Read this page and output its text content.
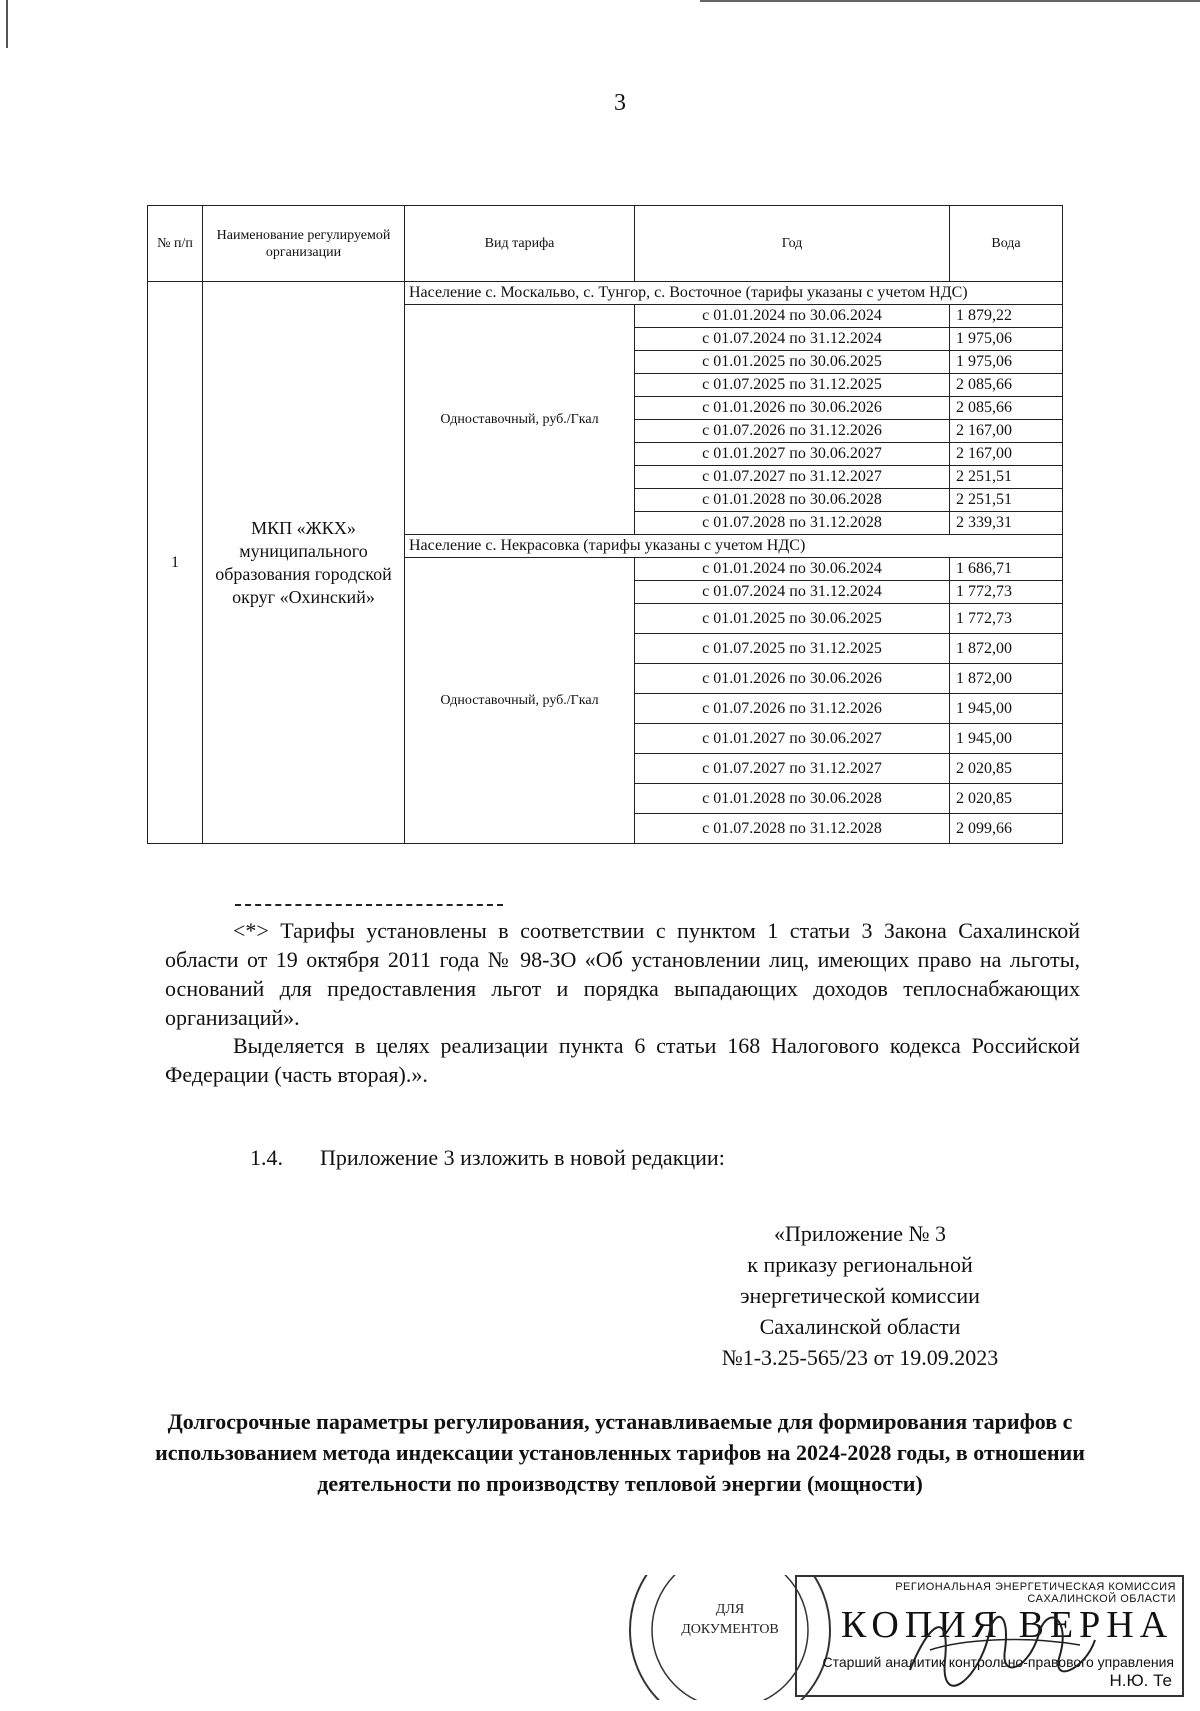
3
№ п/п	Наименование регулируемой организации	Вид тарифа	Год	Вода
1	МКП «ЖКХ» муниципального образования городской округ «Охинский»	Население с. Москальво, с. Тунгор, с. Восточное (тарифы указаны с учетом НДС)		
		Одноставочный, руб./Гкал	с 01.01.2024 по 30.06.2024	1 879,22
			с 01.07.2024 по 31.12.2024	1 975,06
			с 01.01.2025 по 30.06.2025	1 975,06
			с 01.07.2025 по 31.12.2025	2 085,66
			с 01.01.2026 по 30.06.2026	2 085,66
			с 01.07.2026 по 31.12.2026	2 167,00
			с 01.01.2027 по 30.06.2027	2 167,00
			с 01.07.2027 по 31.12.2027	2 251,51
			с 01.01.2028 по 30.06.2028	2 251,51
			с 01.07.2028 по 31.12.2028	2 339,31
		Население с. Некрасовка (тарифы указаны с учетом НДС)		
		Одноставочный, руб./Гкал	с 01.01.2024 по 30.06.2024	1 686,71
			с 01.07.2024 по 31.12.2024	1 772,73
			с 01.01.2025 по 30.06.2025	1 772,73
			с 01.07.2025 по 31.12.2025	1 872,00
			с 01.01.2026 по 30.06.2026	1 872,00
			с 01.07.2026 по 31.12.2026	1 945,00
			с 01.01.2027 по 30.06.2027	1 945,00
			с 01.07.2027 по 31.12.2027	2 020,85
			с 01.01.2028 по 30.06.2028	2 020,85
			с 01.07.2028 по 31.12.2028	2 099,66
<*> Тарифы установлены в соответствии с пунктом 1 статьи 3 Закона Сахалинской области от 19 октября 2011 года № 98-ЗО «Об установлении лиц, имеющих право на льготы, оснований для предоставления льгот и порядка выпадающих доходов теплоснабжающих организаций».
Выделяется в целях реализации пункта 6 статьи 168 Налогового кодекса Российской Федерации (часть вторая).».
1.4. Приложение 3 изложить в новой редакции:
«Приложение № 3
к приказу региональной
энергетической комиссии
Сахалинской области
№1-3.25-565/23 от 19.09.2023
Долгосрочные параметры регулирования, устанавливаемые для формирования тарифов с использованием метода индексации установленных тарифов на 2024-2028 годы, в отношении деятельности по производству тепловой энергии (мощности)
ДЛЯ
ДОКУМЕНТОВ
РЕГИОНАЛЬНАЯ ЭНЕРГЕТИЧЕСКАЯ КОМИССИЯ САХАЛИНСКОЙ ОБЛАСТИ
КОПИЯ ВЕРНА
Старший аналитик контрольно-правового управления
Н.Ю. Те
